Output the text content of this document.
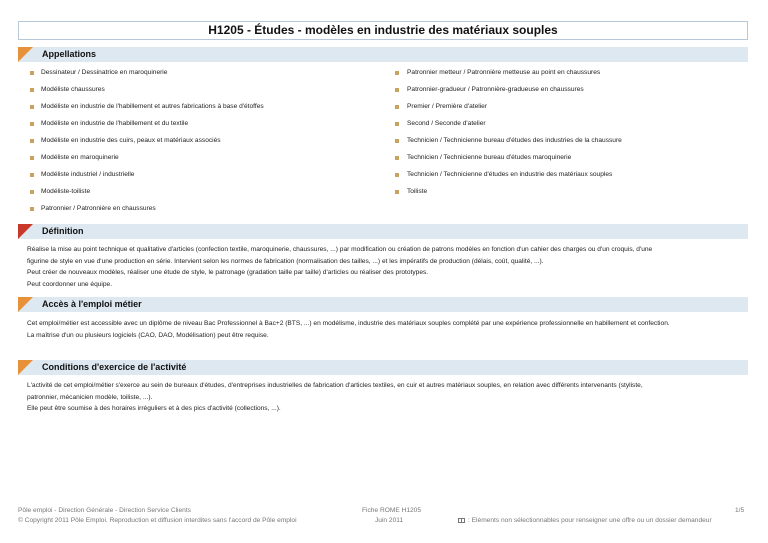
H1205 - Études - modèles en industrie des matériaux souples
Appellations
Dessinateur / Dessinatrice en maroquinerie
Modéliste chaussures
Modéliste en industrie de l'habillement et autres fabrications à base d'étoffes
Modéliste en industrie de l'habillement et du textile
Modéliste en industrie des cuirs, peaux et matériaux associés
Modéliste en maroquinerie
Modéliste industriel / industrielle
Modéliste-toiliste
Patronnier / Patronnière en chaussures
Patronnier metteur / Patronnière metteuse au point en chaussures
Patronnier-gradueur / Patronnière-gradueuse en chaussures
Premier / Première d'atelier
Second / Seconde d'atelier
Technicien / Technicienne bureau d'études des industries de la chaussure
Technicien / Technicienne bureau d'études maroquinerie
Technicien / Technicienne d'études en industrie des matériaux souples
Toiliste
Définition
Réalise la mise au point technique et qualitative d'articles (confection textile, maroquinerie, chaussures, ...) par modification ou création de patrons modèles en fonction d'un cahier des charges ou d'un croquis, d'une
figurine de style en vue d'une production en série. Intervient selon les normes de fabrication (normalisation des tailles, ...) et les impératifs de production (délais, coût, qualité, ...).
Peut créer de nouveaux modèles, réaliser une étude de style, le patronage (gradation taille par taille) d'articles ou réaliser des prototypes.
Peut coordonner une équipe.
Accès à l'emploi métier
Cet emploi/métier est accessible avec un diplôme de niveau Bac Professionnel à Bac+2 (BTS, ...) en modélisme, industrie des matériaux souples complété par une expérience professionnelle en habillement et confection.
La maîtrise d'un ou plusieurs logiciels (CAO, DAO, Modélisation) peut être requise.
Conditions d'exercice de l'activité
L'activité de cet emploi/métier s'exerce au sein de bureaux d'études, d'entreprises industrielles de fabrication d'articles textiles, en cuir et autres matériaux souples, en relation avec différents intervenants (styliste,
patronnier, mécanicien modèle, toiliste, ...).
Elle peut être soumise à des horaires irréguliers et à des pics d'activité (collections, ...).
Pôle emploi - Direction Générale - Direction Service Clients
© Copyright 2011 Pôle Emploi. Reproduction et diffusion interdites sans l'accord de Pôle emploi
Fiche ROME H1205
Juin 2011	: Eléments non sélectionnables pour renseigner une offre ou un dossier demandeur
1/5
